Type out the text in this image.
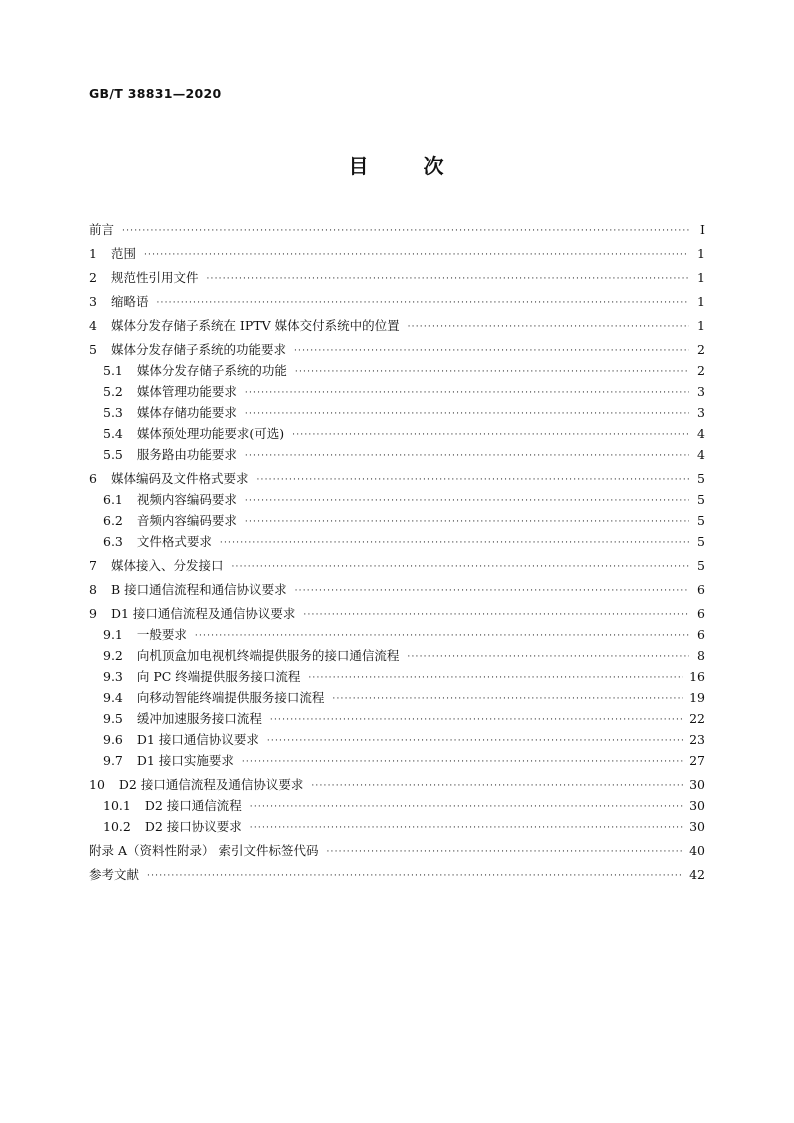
GB/T 38831—2020
目 次
前言 ·····	Ⅰ
1 范围 ·····	1
2 规范性引用文件 ·····	1
3 缩略语 ·····	1
4 媒体分发存储子系统在 IPTV 媒体交付系统中的位置 ·····	1
5 媒体分发存储子系统的功能要求 ·····	2
5.1 媒体分发存储子系统的功能 ·····	2
5.2 媒体管理功能要求 ·····	3
5.3 媒体存储功能要求 ·····	3
5.4 媒体预处理功能要求(可选) ·····	4
5.5 服务路由功能要求 ·····	4
6 媒体编码及文件格式要求 ·····	5
6.1 视频内容编码要求 ·····	5
6.2 音频内容编码要求 ·····	5
6.3 文件格式要求 ·····	5
7 媒体接入、分发接口 ·····	5
8 B 接口通信流程和通信协议要求 ·····	6
9 D1 接口通信流程及通信协议要求 ·····	6
9.1 一般要求 ·····	6
9.2 向机顶盒加电视机终端提供服务的接口通信流程 ·····	8
9.3 向 PC 终端提供服务接口流程 ·····	16
9.4 向移动智能终端提供服务接口流程 ·····	19
9.5 缓冲加速服务接口流程 ·····	22
9.6 D1 接口通信协议要求 ·····	23
9.7 D1 接口实施要求 ·····	27
10 D2 接口通信流程及通信协议要求 ·····	30
10.1 D2 接口通信流程 ·····	30
10.2 D2 接口协议要求 ·····	30
附录 A（资料性附录） 索引文件标签代码 ·····	40
参考文献 ·····	42
